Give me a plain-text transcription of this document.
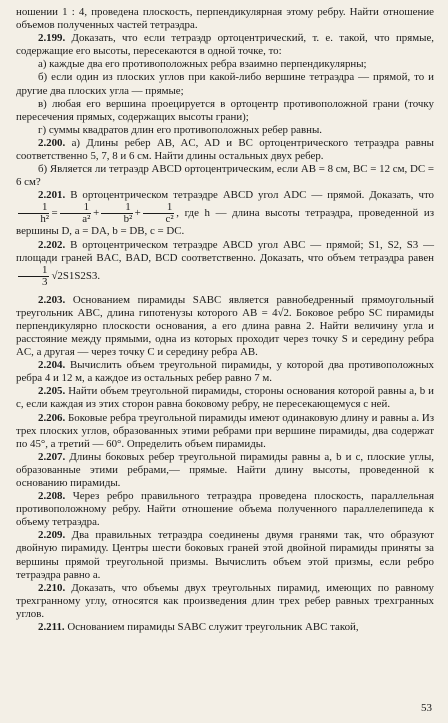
ношении 1 : 4, проведена плоскость, перпендикулярная этому ребру. Найти отношение объемов полученных частей тетраэдра.

2.199. Доказать, что если тетраэдр ортоцентрический, т. е. такой, что прямые, содержащие его высоты, пересекаются в одной точке, то:

а) каждые два его противоположных ребра взаимно перпендикулярны;

б) если один из плоских углов при какой-либо вершине тетраэдра — прямой, то и другие два плоских угла — прямые;

в) любая его вершина проецируется в ортоцентр противоположной грани (точку пересечения прямых, содержащих высоты грани);

г) суммы квадратов длин его противоположных ребер равны.

2.200. а) Длины ребер AB, AC, AD и BC ортоцентрического тетраэдра равны соответственно 5, 7, 8 и 6 см. Найти длины остальных двух ребер.

б) Является ли тетраэдр ABCD ортоцентрическим, если AB = 8 см, BC = 12 см, DC = 6 см?

2.201. В ортоцентрическом тетраэдре ABCD угол ADC — прямой. Доказать, что
$\frac{1}{\text{h²}} = \frac{1}{\text{a²}} + \frac{1}{\text{b²}} + \frac{1}{\text{c²}}$ , где h — длина высоты тетраэдра, проведенной из вершины D, a = DA, b = DB, c = DC.

2.202. В ортоцентрическом тетраэдре ABCD угол ABC — прямой; S1, S2, S3 — площади граней BAC, BAD, BCD соответственно. Доказать, что объем тетраэдра равен
$\frac{1}{3} √2S1S2S3$.

2.203. Основанием пирамиды SABC является равнобедренный прямоугольный треугольник ABC, длина гипотенузы которого AB = 4√2. Боковое ребро SC пирамиды перпендикулярно плоскости основания, а его длина равна 2. Найти величину угла и расстояние между прямыми, одна из которых проходит через точку S и середину ребра AC, а другая — через точку C и середину ребра AB.

2.204. Вычислить объем треугольной пирамиды, у которой два противоположных ребра 4 и 12 м, а каждое из остальных ребер равно 7 м.

2.205. Найти объем треугольной пирамиды, стороны основания которой равны a, b и c, если каждая из этих сторон равна боковому ребру, не пересекающемуся с ней.

2.206. Боковые ребра треугольной пирамиды имеют одинаковую длину и равны a. Из трех плоских углов, образованных этими ребрами при вершине пирамиды, два содержат по 45°, а третий — 60°. Определить объем пирамиды.

2.207. Длины боковых ребер треугольной пирамиды равны a, b и c, плоские углы, образованные этими ребрами,— прямые. Найти длину высоты, проведенной к основанию пирамиды.

2.208. Через ребро правильного тетраэдра проведена плоскость, параллельная противоположному ребру. Найти отношение объема полученного параллелепипеда к объему тетраэдра.

2.209. Два правильных тетраэдра соединены двумя гранями так, что образуют двойную пирамиду. Центры шести боковых граней этой двойной пирамиды приняты за вершины прямой треугольной призмы. Вычислить объем этой призмы, если ребро тетраэдра равно a.

2.210. Доказать, что объемы двух треугольных пирамид, имеющих по равному трехгранному углу, относятся как произведения длин трех ребер равных трехгранных углов.

2.211. Основанием пирамиды SABC служит треугольник ABC такой,

53
